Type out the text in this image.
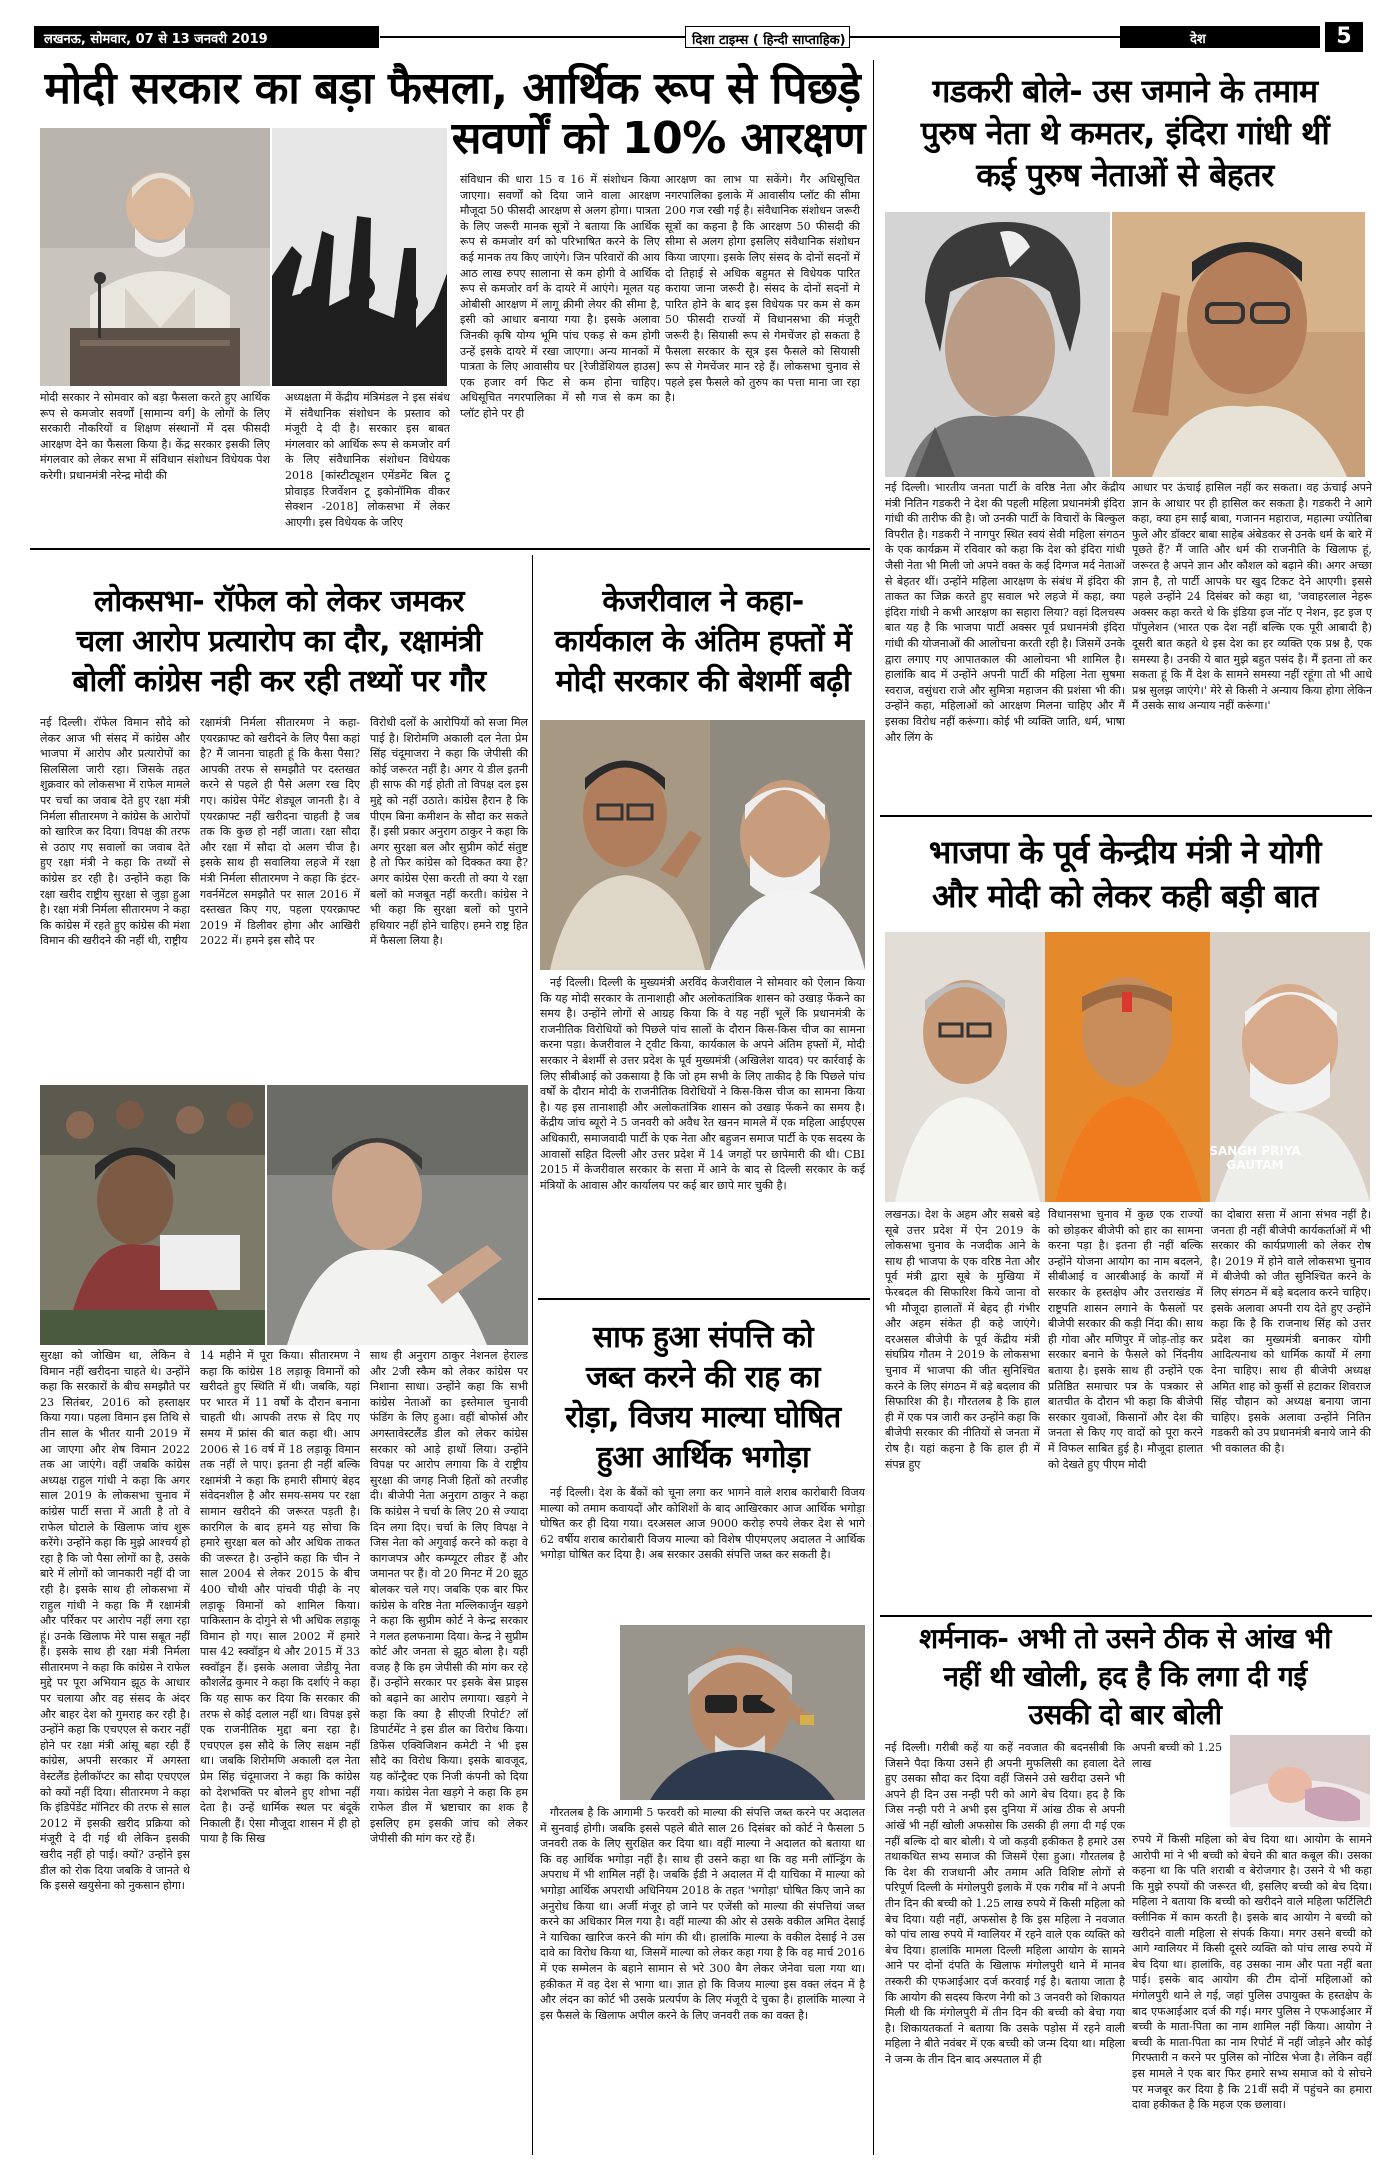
लखनऊ, सोमवार, 07 से 13 जनवरी 2019	दिशा टाइम्स ( हिन्दी साप्ताहिक)	देश	5
मोदी सरकार का बड़ा फैसला, आर्थिक रूप से पिछड़े
सवर्णों को 10% आरक्षण
मोदी सरकार ने सोमवार को बड़ा फैसला करते हुए आर्थिक रूप से कमजोर सवर्णों [सामान्य वर्ग] के लोगों के लिए सरकारी नौकरियों व शिक्षण संस्थानों में दस फीसदी आरक्षण देने का फैसला किया है। केंद्र सरकार इसकी लिए मंगलवार को लेकर सभा में संविधान संशोधन विधेयक पेश करेगी। प्रधानमंत्री नरेन्द्र मोदी की
अध्यक्षता में केंद्रीय मंत्रिमंडल ने इस संबंध में संवैधानिक संशोधन के प्रस्ताव को मंजूरी दे दी है। सरकार इस बाबत मंगलवार को आर्थिक रूप से कमजोर वर्ग के लिए संवैधानिक संशोधन विधेयक 2018 [कांस्टीट्यूशन एमेंडमेंट बिल टू प्रोवाइड रिजर्वेशन टू इकोनॉमिक वीकर सेक्शन -2018] लोकसभा में लेकर आएगी। इस विधेयक के जरिए
संविधान की धारा 15 व 16 में संशोधन किया जाएगा। सवर्णों को दिया जाने वाला आरक्षण मौजूदा 50 फीसदी आरक्षण से अलग होगा। पात्रता के लिए जरूरी मानक सूत्रों ने बताया कि आर्थिक रूप से कमजोर वर्ग को परिभाषित करने के लिए कई मानक तय किए जाएंगे। जिन परिवारों की आय आठ लाख रुपए सालाना से कम होगी वे आर्थिक रूप से कमजोर वर्ग के दायरे में आएंगे। मूलत यह ओबीसी आरक्षण में लागू क्रीमी लेयर की सीमा है, इसी को आधार बनाया गया है। इसके अलावा जिनकी कृषि योग्य भूमि पांच एकड़ से कम होगी उन्हें इसके दायरे में रखा जाएगा। अन्य मानकों में पात्रता के लिए आवासीय घर [रेजीडेंशियल हाउस] एक हजार वर्ग फिट से कम होना चाहिए। अधिसूचित नगरपालिका में सौ गज से कम का प्लॉट होने पर ही
आरक्षण का लाभ पा सकेंगे। गैर अधिसूचित नगरपालिका इलाके में आवासीय प्लॉट की सीमा 200 गज रखी गई है। संवैधानिक संशोधन जरूरी सूत्रों का कहना है कि आरक्षण 50 फीसदी की सीमा से अलग होगा इसलिए संवैधानिक संशोधन किया जाएगा। इसके लिए संसद के दोनों सदनों में दो तिहाई से अधिक बहुमत से विधेयक पारित कराया जाना जरूरी है। संसद के दोनों सदनों मे पारित होने के बाद इस विधेयक पर कम से कम 50 फीसदी राज्यों में विधानसभा की मंजूरी जरूरी है। सियासी रूप से गेमचेंजर हो सकता है फैसला सरकार के सूत्र इस फैसले को सियासी रूप से गेमचेंजर मान रहे हैं। लोकसभा चुनाव से पहले इस फैसले को तुरुप का पत्ता माना जा रहा है।
गडकरी बोले- उस जमाने के तमाम
पुरुष नेता थे कमतर, इंदिरा गांधी थीं
कई पुरुष नेताओं से बेहतर
नई दिल्ली। भारतीय जनता पार्टी के वरिष्ठ नेता और केंद्रीय मंत्री नितिन गडकरी ने देश की पहली महिला प्रधानमंत्री इंदिरा गांधी की तारीफ की है। जो उनकी पार्टी के विचारों के बिल्कुल विपरीत है। गडकरी ने नागपुर स्थित स्वयं सेवी महिला संगठन के एक कार्यक्रम में रविवार को कहा कि देश को इंदिरा गांधी जैसी नेता भी मिली जो अपने वक्त के कई दिग्गज मर्द नेताओं से बेहतर थीं। उन्होंने महिला आरक्षण के संबंध में इंदिरा की ताकत का जिक्र करते हुए सवाल भरे लहजे में कहा, क्या इंदिरा गांधी ने कभी आरक्षण का सहारा लिया? वहां दिलचस्प बात यह है कि भाजपा पार्टी अक्सर पूर्व प्रधानमंत्री इंदिरा गांधी की योजनाओं की आलोचना करती रही है। जिसमें उनके द्वारा लगाए गए आपातकाल की आलोचना भी शामिल है। हालांकि बाद में उन्होंने अपनी पार्टी की महिला नेता सुषमा स्वराज, वसुंधरा राजे और सुमित्रा महाजन की प्रशंसा भी की। उन्होंने कहा, महिलाओं को आरक्षण मिलना चाहिए और मैं इसका विरोध नहीं करूंगा। कोई भी व्यक्ति जाति, धर्म, भाषा और लिंग के
आधार पर ऊंचाई हासिल नहीं कर सकता। वह ऊंचाई अपने ज्ञान के आधार पर ही हासिल कर सकता है। गडकरी ने आगे कहा, क्या हम साईं बाबा, गजानन महाराज, महात्मा ज्योतिबा फुले और डॉक्टर बाबा साहेब अंबेडकर से उनके धर्म के बारे में पूछते हैं? मैं जाति और धर्म की राजनीति के खिलाफ हूं, जरूरत है अपने ज्ञान और कौशल को बढ़ाने की। अगर अच्छा ज्ञान है, तो पार्टी आपके घर खुद टिकट देने आएगी। इससे पहले उन्होंने 24 दिसंबर को कहा था, 'जवाहरलाल नेहरू अक्सर कहा करते थे कि इंडिया इज नॉट ए नेशन, इट इज ए पॉपुलेशन (भारत एक देश नहीं बल्कि एक पूरी आबादी है) दूसरी बात कहते थे इस देश का हर व्यक्ति एक प्रश्न है, एक समस्या है। उनकी ये बात मुझे बहुत पसंद है। मैं इतना तो कर सकता हूं कि मैं देश के सामने समस्या नहीं रहूंगा तो भी आधे प्रश्न सुलझ जाएंगे।' मेरे से किसी ने अन्याय किया होगा लेकिन मैं उसके साथ अन्याय नहीं करूंगा।'
लोकसभा- रॉफेल को लेकर जमकर
चला आरोप प्रत्यारोप का दौर, रक्षामंत्री
बोलीं कांग्रेस नही कर रही तथ्यों पर गौर
नई दिल्ली। रॉफेल विमान सौदे को लेकर आज भी संसद में कांग्रेस और भाजपा में आरोप और प्रत्यारोपों का सिलसिला जारी रहा। जिसके तहत शुक्रवार को लोकसभा में राफेल मामले पर चर्चा का जवाब देते हुए रक्षा मंत्री निर्मला सीतारमण ने कांग्रेस के आरोपों को खारिज कर दिया। विपक्ष की तरफ से उठाए गए सवालों का जवाब देते हुए रक्षा मंत्री ने कहा कि तथ्यों से कांग्रेस डर रही है। उन्होंने कहा कि रक्षा खरीद राष्ट्रीय सुरक्षा से जुड़ा हुआ है। रक्षा मंत्री निर्मला सीतारमण ने कहा कि कांग्रेस में रहते हुए कांग्रेस की मंशा विमान की खरीदने की नहीं थी, राष्ट्रीय
रक्षामंत्री निर्मला सीतारमण ने कहा- एयरक्राफ्ट को खरीदने के लिए पैसा कहां है? मैं जानना चाहती हूं कि कैसा पैसा? आपकी तरफ से समझौते पर दस्तखत करने से पहले ही पैसे अलग रख दिए गए। कांग्रेस पेमेंट शेड्यूल जानती है। वे एयरक्राफ्ट नहीं खरीदना चाहती है जब तक कि कुछ हो नहीं जाता। रक्षा सौदा और रक्षा में सौदा दो अलग चीज है। इसके साथ ही सवालिया लहजे में रक्षा मंत्री निर्मला सीतारमण ने कहा कि इंटर-गवर्नमेंटल समझौते पर साल 2016 में दस्तखत किए गए, पहला एयरक्राफ्ट 2019 में डिलीवर होगा और आखिरी 2022 में। हमने इस सौदे पर
विरोधी दलों के आरोपियों को सजा मिल पाई है। शिरोमणि अकाली दल नेता प्रेम सिंह चंदूमाजरा ने कहा कि जेपीसी की कोई जरूरत नहीं है। अगर ये डील इतनी ही साफ की गई होती तो विपक्ष दल इस मुद्दे को नहीं उठाते। कांग्रेस हैरान है कि पीएम बिना कमीशन के सौदा कर सकते हैं। इसी प्रकार अनुराग ठाकुर ने कहा कि अगर सुरक्षा बल और सुप्रीम कोर्ट संतुष्ट है तो फिर कांग्रेस को दिक्कत क्या है? अगर कांग्रेस ऐसा करती तो क्या ये रक्षा बलों को मजबूत नहीं करती। कांग्रेस ने भी कहा कि सुरक्षा बलों को पुराने हथियार नहीं होने चाहिए। हमने राष्ट्र हित में फैसला लिया है।
सुरक्षा को जोखिम था, लेकिन वे विमान नहीं खरीदना चाहते थे। उन्होंने कहा कि सरकारों के बीच समझौते पर 23 सितंबर, 2016 को हस्ताक्षर किया गया। पहला विमान इस तिथि से तीन साल के भीतर यानी 2019 में आ जाएगा और शेष विमान 2022 तक आ जाएंगे। वहीं जबकि कांग्रेस अध्यक्ष राहुल गांधी ने कहा कि अगर साल 2019 के लोकसभा चुनाव में कांग्रेस पार्टी सत्ता में आती है तो वे राफेल घोटाले के खिलाफ जांच शुरू करेंगे। उन्होंने कहा कि मुझे आश्चर्य हो रहा है कि जो पैसा लोगों का है, उसके बारे में लोगों को जानकारी नहीं दी जा रही है। इसके साथ ही लोकसभा में राहुल गांधी ने कहा कि मैं रक्षामंत्री और पर्रिकर पर आरोप नहीं लगा रहा हूं। उनके खिलाफ मेरे पास सबूत नहीं हैं। इसके साथ ही रक्षा मंत्री निर्मला सीतारमण ने कहा कि कांग्रेस ने राफेल मुद्दे पर पूरा अभियान झूठ के आधार पर चलाया और वह संसद के अंदर और बाहर देश को गुमराह कर रही है। उन्होंने कहा कि एचएएल से करार नहीं होने पर रक्षा मंत्री आंसू बहा रही हैं कांग्रेस, अपनी सरकार में अगस्ता वेस्टलैंड हेलीकॉप्टर का सौदा एचएएल को क्यों नहीं दिया। सीतारमण ने कहा कि इंडिपेंडेंट मॉनिटर की तरफ से साल 2012 में इसकी खरीद प्रक्रिया को मंजूरी दे दी गई थी लेकिन इसकी खरीद नहीं हो पाई। क्यों? उन्होंने इस डील को रोक दिया जबकि वे जानते थे कि इससे खयुसेना को नुकसान होगा।
14 महीने में पूरा किया। सीतारमण ने कहा कि कांग्रेस 18 लड़ाकू विमानों को खरीदते हुए स्थिति में थी। जबकि, यहां पर भारत में 11 वर्षों के दौरान बनाना चाहती थी। आपकी तरफ से दिए गए समय में फ्रांस की बात कहा थी। आप 2006 से 16 वर्ष में 18 लड़ाकू विमान तक नहीं ले पाए। इतना ही नहीं बल्कि रक्षामंत्री ने कहा कि हमारी सीमाएं बेहद संवेदनशील है और समय-समय पर रक्षा सामान खरीदने की जरूरत पड़ती है। कारगिल के बाद हमने यह सोचा कि हमारे सुरक्षा बल को और अधिक ताकत की जरूरत है। उन्होंने कहा कि चीन ने साल 2004 से लेकर 2015 के बीच 400 चौथी और पांचवी पीढ़ी के नए लड़ाकू विमानों को शामिल किया। पाकिस्तान के दोगुने से भी अधिक लड़ाकू विमान हो गए। साल 2002 में हमारे पास 42 स्क्वॉड्रन थे और 2015 में 33 स्क्वॉड्रन हैं। इसके अलावा जेडीयू नेता कौशलेंद्र कुमार ने कहा कि दर्शाएं ने कहा कि यह साफ कर दिया कि सरकार की तरफ से कोई दलाल नहीं था। विपक्ष इसे एक राजनीतिक मुद्दा बना रहा है। एचएएल इस सौदे के लिए सक्षम नहीं था। जबकि शिरोमणि अकाली दल नेता प्रेम सिंह चंदूमाजरा ने कहा कि कांग्रेस को देशभक्ति पर बोलने हुए शोभा नहीं देता है। उन्हें धार्मिक स्थल पर बंदूकें निकाली हैं। ऐसा मौजूदा शासन में ही हो पाया है कि सिख
साथ ही अनुराग ठाकुर नेशनल हेराल्ड और 2जी स्कैम को लेकर कांग्रेस पर निशाना साधा। उन्होंने कहा कि सभी कांग्रेस नेताओं का इस्तेमाल चुनावी फंडिंग के लिए हुआ। वहीं बोफोर्स और अगस्तावेस्टलैंड डील को लेकर कांग्रेस सरकार को आड़े हाथों लिया। उन्होंने विपक्ष पर आरोप लगाया कि वे राष्ट्रीय सुरक्षा की जगह निजी हितों को तरजीह दी। बीजेपी नेता अनुराग ठाकुर ने कहा कि कांग्रेस ने चर्चा के लिए 20 से ज्यादा दिन लगा दिए। चर्चा के लिए विपक्ष ने जिस नेता को अगुवाई करने को कहा वे कागजपत्र और कम्प्यूटर लीडर हैं और जमानत पर हैं। वो 20 मिनट में 20 झूठ बोलकर चले गए। जबकि एक बार फिर कांग्रेस के वरिष्ठ नेता मल्लिकार्जुन खड़गे ने कहा कि सुप्रीम कोर्ट ने केन्द्र सरकार ने गलत हलफनामा दिया। केन्द्र ने सुप्रीम कोर्ट और जनता से झूठ बोला है। यही वजह है कि हम जेपीसी की मांग कर रहे हैं। उन्होंने सरकार पर इसके बेस प्राइस को बढ़ाने का आरोप लगाया। खड़गे ने कहा कि क्या है सीएजी रिपोर्ट? लॉ डिपार्टमेंट ने इस डील का विरोध किया। डिफेंस एक्विजिशन कमेटी ने भी इस सौदे का विरोध किया। इसके बावजूद, यह कॉन्ट्रैक्ट एक निजी कंपनी को दिया गया। कांग्रेस नेता खड़गे ने कहा कि हम राफेल डील में भ्रष्टाचार का शक है इसलिए हम इसकी जांच को लेकर जेपीसी की मांग कर रहे हैं।
केजरीवाल ने कहा-
कार्यकाल के अंतिम हफ्तों में
मोदी सरकार की बेशर्मी बढ़ी
नई दिल्ली। दिल्ली के मुख्यमंत्री अरविंद केजरीवाल ने सोमवार को ऐलान किया कि यह मोदी सरकार के तानाशाही और अलोकतांत्रिक शासन को उखाड़ फेंकने का समय है। उन्होंने लोगों से आग्रह किया कि वे यह नहीं भूलें कि प्रधानमंत्री के राजनीतिक विरोधियों को पिछले पांच सालों के दौरान किस-किस चीज का सामना करना पड़ा। केजरीवाल ने ट्वीट किया, कार्यकाल के अपने अंतिम हफ्तों में, मोदी सरकार ने बेशर्मी से उत्तर प्रदेश के पूर्व मुख्यमंत्री (अखिलेश यादव) पर कार्रवाई के लिए सीबीआई को उकसाया है कि जो हम सभी के लिए ताकीद है कि पिछले पांच वर्षों के दौरान मोदी के राजनीतिक विरोधियों ने किस-किस चीज का सामना किया है। यह इस तानाशाही और अलोकतांत्रिक शासन को उखाड़ फेंकने का समय है। केंद्रीय जांच ब्यूरो ने 5 जनवरी को अवैध रेत खनन मामले में एक महिला आईएएस अधिकारी, समाजवादी पार्टी के एक नेता और बहुजन समाज पार्टी के एक सदस्य के आवासों सहित दिल्ली और उत्तर प्रदेश में 14 जगहों पर छापेमारी की थी। CBI 2015 में केजरीवाल सरकार के सत्ता में आने के बाद से दिल्ली सरकार के कई मंत्रियों के आवास और कार्यालय पर कई बार छापे मार चुकी है।
साफ हुआ संपत्ति को
जब्त करने की राह का
रोड़ा, विजय माल्या घोषित
हुआ आर्थिक भगोड़ा
नई दिल्ली। देश के बैंकों को चूना लगा कर भागने वाले शराब कारोबारी विजय माल्या को तमाम कवायदों और कोशिशों के बाद आखिरकार आज आर्थिक भगोड़ा घोषित कर ही दिया गया। दरअसल आज 9000 करोड़ रुपये लेकर देश से भागे 62 वर्षीय शराब कारोबारी विजय माल्या को विशेष पीएमएलए अदालत ने आर्थिक भगोड़ा घोषित कर दिया है। अब सरकार उसकी संपत्ति जब्त कर सकती है।
गौरतलब है कि आगामी 5 फरवरी को माल्या की संपत्ति जब्त करने पर अदालत में सुनवाई होगी। जबकि इससे पहले बीते साल 26 दिसंबर को कोर्ट ने फैसला 5 जनवरी तक के लिए सुरक्षित कर दिया था। वहीं माल्या ने अदालत को बताया था कि वह आर्थिक भगोड़ा नहीं है। साथ ही उसने कहा था कि वह मनी लॉन्ड्रिंग के अपराध में भी शामिल नहीं है। जबकि ईडी ने अदालत में दी याचिका में माल्या को भगोड़ा आर्थिक अपराधी अधिनियम 2018 के तहत 'भगोड़ा' घोषित किए जाने का अनुरोध किया था। अर्जी मंजूर हो जाने पर एजेंसी को माल्या की संपत्तियां जब्त करने का अधिकार मिल गया है। वहीं माल्या की ओर से उसके वकील अमित देसाई ने याचिका खारिज करने की मांग की थी। हालांकि माल्या के वकील देसाई ने उस दावे का विरोध किया था, जिसमें माल्या को लेकर कहा गया है कि वह मार्च 2016 में एक सम्मेलन के बहाने सामान से भरे 300 बैग लेकर जेनेवा चला गया था। हकीकत में वह देश से भागा था। ज्ञात हो कि विजय माल्या इस वक्त लंदन में है और लंदन का कोर्ट भी उसके प्रत्यर्पण के लिए मंजूरी दे चुका है। हालांकि माल्या ने इस फैसले के खिलाफ अपील करने के लिए जनवरी तक का वक्त है।
भाजपा के पूर्व केन्द्रीय मंत्री ने योगी
और मोदी को लेकर कही बड़ी बात
SANGH PRIYA
GAUTAM
लखनऊ। देश के अहम और सबसे बड़े सूबे उत्तर प्रदेश में ऐन 2019 के लोकसभा चुनाव के नजदीक आने के साथ ही भाजपा के एक वरिष्ठ नेता और पूर्व मंत्री द्वारा सूबे के मुखिया में फेरबदल की सिफारिश किये जाना वो भी मौजूदा हालातों में बेहद ही गंभीर और अहम संकेत ही कहे जाएंगे। दरअसल बीजेपी के पूर्व केंद्रीय मंत्री संघप्रिय गौतम ने 2019 के लोकसभा चुनाव में भाजपा की जीत सुनिश्चित करने के लिए संगठन में बड़े बदलाव की सिफारिश की है। गौरतलब है कि हाल ही में एक पत्र जारी कर उन्होंने कहा कि बीजेपी सरकार की नीतियों से जनता में रोष है। यहां कहना है कि हाल ही में संपन्न हुए
विधानसभा चुनाव में कुछ एक राज्यों को छोड़कर बीजेपी को हार का सामना करना पड़ा है। इतना ही नहीं बल्कि उन्होंने योजना आयोग का नाम बदलने, सीबीआई व आरबीआई के कार्यों में सरकार के हस्तक्षेप और उत्तराखंड में राष्ट्रपति शासन लगाने के फैसलों पर बीजेपी सरकार की कड़ी निंदा की। साथ ही गोवा और मणिपुर में जोड़-तोड़ कर सरकार बनाने के फैसले को निंदनीय बताया है। इसके साथ ही उन्होंने एक प्रतिष्ठित समाचार पत्र के पत्रकार से बातचीत के दौरान भी कहा कि बीजेपी सरकार युवाओं, किसानों और देश की जनता से किए गए वादों को पूरा करने में विफल साबित हुई है। मौजूदा हालात को देखते हुए पीएम मोदी
का दोबारा सत्ता में आना संभव नहीं है। जनता ही नहीं बीजेपी कार्यकर्ताओं में भी सरकार की कार्यप्रणाली को लेकर रोष है। 2019 में होने वाले लोकसभा चुनाव में बीजेपी को जीत सुनिश्चित करने के लिए संगठन में बड़े बदलाव करने चाहिए। इसके अलावा अपनी राय देते हुए उन्होंने कहा कि है कि राजनाथ सिंह को उत्तर प्रदेश का मुख्यमंत्री बनाकर योगी आदित्यनाथ को धार्मिक कार्यों में लगा देना चाहिए। साथ ही बीजेपी अध्यक्ष अमित शाह को कुर्सी से हटाकर शिवराज सिंह चौहान को अध्यक्ष बनाया जाना चाहिए। इसके अलावा उन्होंने नितिन गडकरी को उप प्रधानमंत्री बनाये जाने की भी वकालत की है।
शर्मनाक- अभी तो उसने ठीक से आंख भी
नहीं थी खोली, हद है कि लगा दी गई
उसकी दो बार बोली
नई दिल्ली। गरीबी कहें या कहें नवजात की बदनसीबी कि जिसने पैदा किया उसने ही अपनी मुफलिसी का हवाला देते हुए उसका सौदा कर दिया वहीं जिसने उसे खरीदा उसने भी अपने ही दिन उस नन्ही परी को आगे बेच दिया। हद है कि जिस नन्ही परी ने अभी इस दुनिया में आंख ठीक से अपनी आंखें भी नहीं खोली अफसोस कि उसकी ही लगा दी गई एक नहीं बल्कि दो बार बोली। ये जो कड़वी हकीकत है हमारे उस तथाकथित सभ्य समाज की जिसमें ऐसा हुआ। गौरतलब है कि देश की राजधानी और तमाम अति विशिष्ट लोगों से परिपूर्ण दिल्ली के मंगोलपुरी इलाके में एक गरीब माँ ने अपनी तीन दिन की बच्ची को 1.25 लाख रुपये में किसी महिला को बेच दिया। यही नहीं, अफसोस है कि इस महिला ने नवजात को पांच लाख रुपये में ग्वालियर में रहने वाले एक व्यक्ति को बेच दिया। हालांकि मामला दिल्ली महिला आयोग के सामने आने पर दोनों दंपति के खिलाफ मंगोलपुरी थाने में मानव तस्करी की एफआईआर दर्ज करवाई गई है। बताया जाता है कि आयोग की सदस्य किरण नेगी को 3 जनवरी को शिकायत मिली थी कि मंगोलपुरी में तीन दिन की बच्ची को बेचा गया है। शिकायतकर्ता ने बताया कि उसके पड़ोस में रहने वाली महिला ने बीते नवंबर में एक बच्ची को जन्म दिया था। महिला ने जन्म के तीन दिन बाद अस्पताल में ही
अपनी बच्ची को 1.25 लाख
रुपये में किसी महिला को बेच दिया था। आयोग के सामने आरोपी मां ने भी बच्ची को बेचने की बात कबूल की। उसका कहना था कि पति शराबी व बेरोजगार है। उसने ये भी कहा कि मुझे रुपयों की जरूरत थी, इसलिए बच्ची को बेच दिया। महिला ने बताया कि बच्ची को खरीदने वाले महिला फर्टिलिटी क्लीनिक में काम करती है। इसके बाद आयोग ने बच्ची को खरीदने वाली महिला से संपर्क किया। मगर उसने बच्ची को आगे ग्वालियर में किसी दूसरे व्यक्ति को पांच लाख रुपये में बेच दिया था। हालांकि, वह उसका नाम और पता नहीं बता पाई। इसके बाद आयोग की टीम दोनों महिलाओं को मंगोलपुरी थाने ले गई, जहां पुलिस उपायुक्त के हस्तक्षेप के बाद एफआईआर दर्ज की गई। मगर पुलिस ने एफआईआर में बच्ची के माता-पिता का नाम शामिल नहीं किया। आयोग ने बच्ची के माता-पिता का नाम रिपोर्ट में नहीं जोड़ने और कोई गिरफ्तारी न करने पर पुलिस को नोटिस भेजा है। लेकिन वहीं इस मामले ने एक बार फिर हमारे सभ्य समाज को ये सोचने पर मजबूर कर दिया है कि 21वीं सदी में पहुंचने का हमारा दावा हकीकत है कि महज एक छलावा।
